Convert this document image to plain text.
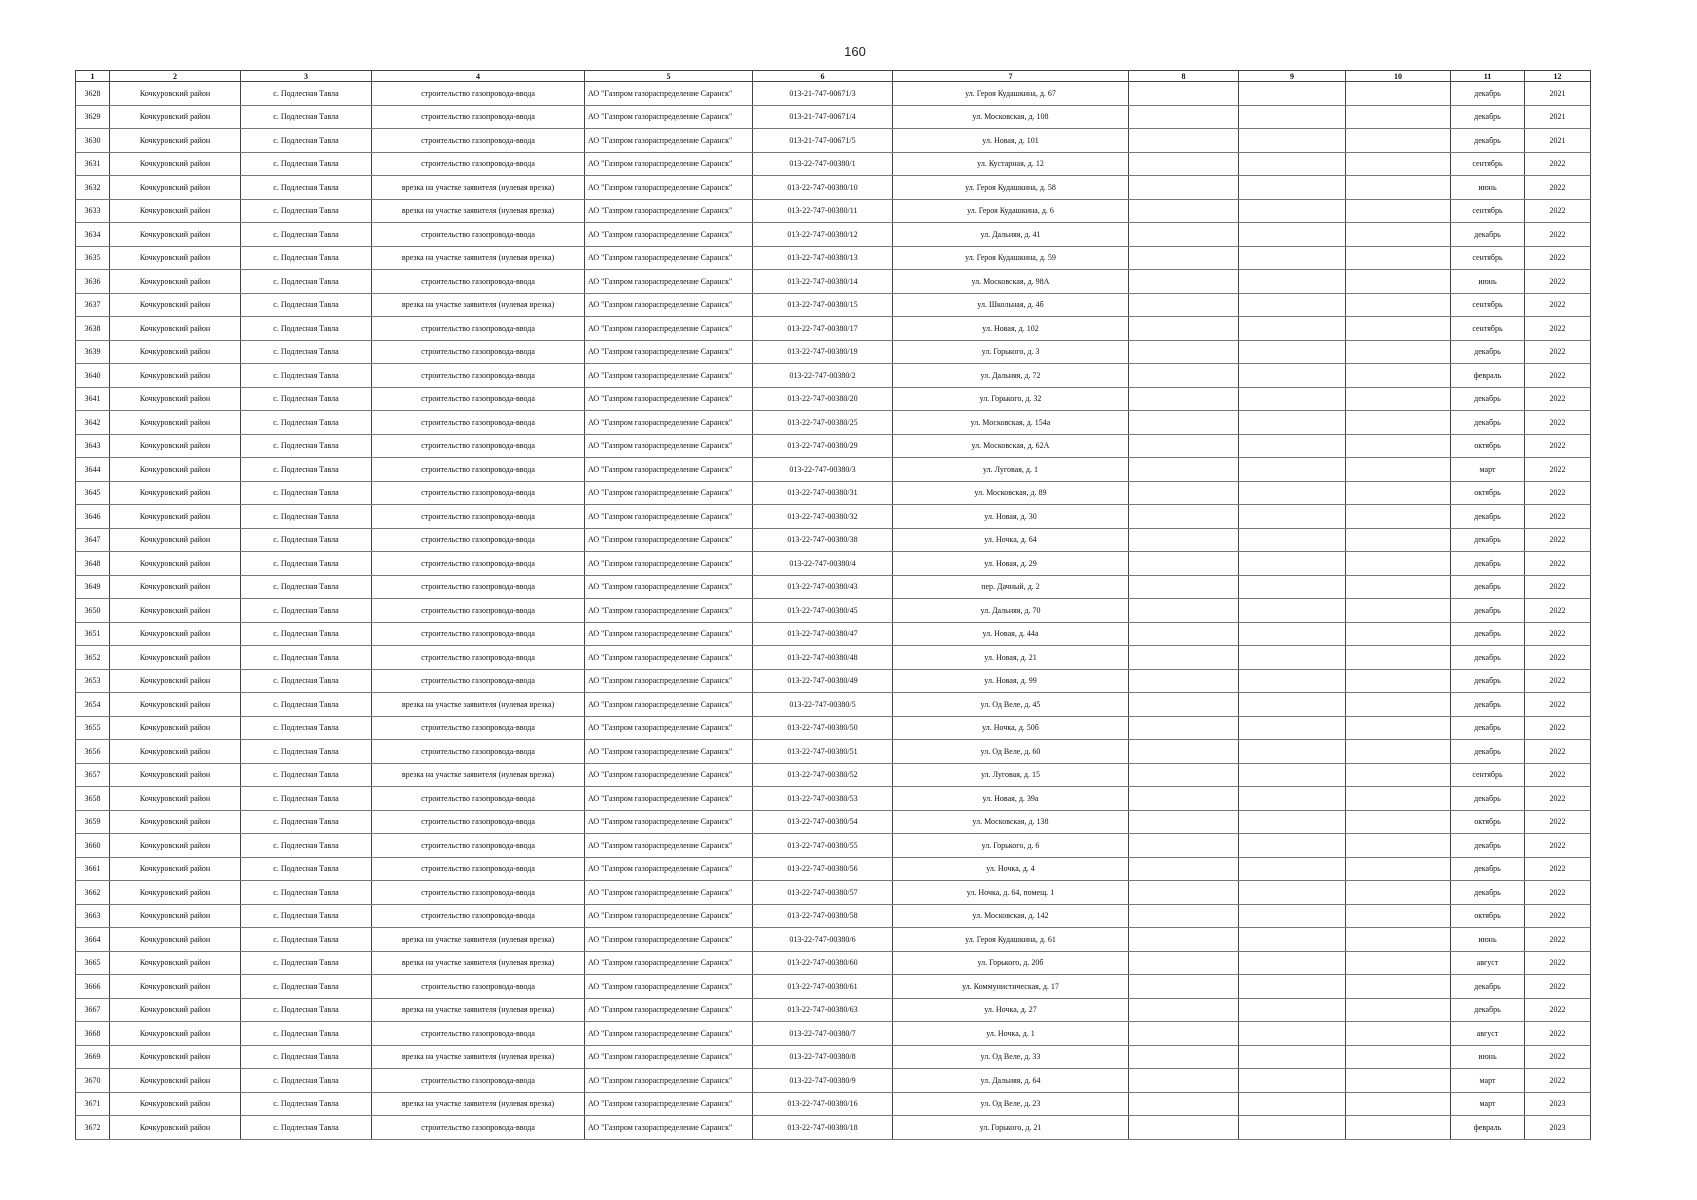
160
1	2	3	4	5	6	7	8	9	10	11	12
3628	Кочкуровский район	с. Подлесная Тавла	строительство газопровода-ввода	АО "Газпром газораспределение Саранск"	013-21-747-00671/3	ул. Героя Кудашкина, д. 67				декабрь	2021
3629	Кочкуровский район	с. Подлесная Тавла	строительство газопровода-ввода	АО "Газпром газораспределение Саранск"	013-21-747-00671/4	ул. Московская, д. 108				декабрь	2021
3630	Кочкуровский район	с. Подлесная Тавла	строительство газопровода-ввода	АО "Газпром газораспределение Саранск"	013-21-747-00671/5	ул. Новая, д. 101				декабрь	2021
3631	Кочкуровский район	с. Подлесная Тавла	строительство газопровода-ввода	АО "Газпром газораспределение Саранск"	013-22-747-00380/1	ул. Кустарная, д. 12				сентябрь	2022
3632	Кочкуровский район	с. Подлесная Тавла	врезка на участке заявителя (нулевая врезка)	АО "Газпром газораспределение Саранск"	013-22-747-00380/10	ул. Героя Кудашкина, д. 58				июнь	2022
3633	Кочкуровский район	с. Подлесная Тавла	врезка на участке заявителя (нулевая врезка)	АО "Газпром газораспределение Саранск"	013-22-747-00380/11	ул. Героя Кудашкина, д. 6				сентябрь	2022
3634	Кочкуровский район	с. Подлесная Тавла	строительство газопровода-ввода	АО "Газпром газораспределение Саранск"	013-22-747-00380/12	ул. Дальняя, д. 41				декабрь	2022
3635	Кочкуровский район	с. Подлесная Тавла	врезка на участке заявителя (нулевая врезка)	АО "Газпром газораспределение Саранск"	013-22-747-00380/13	ул. Героя Кудашкина, д. 59				сентябрь	2022
3636	Кочкуровский район	с. Подлесная Тавла	строительство газопровода-ввода	АО "Газпром газораспределение Саранск"	013-22-747-00380/14	ул. Московская, д. 98А				июнь	2022
3637	Кочкуровский район	с. Подлесная Тавла	врезка на участке заявителя (нулевая врезка)	АО "Газпром газораспределение Саранск"	013-22-747-00380/15	ул. Школьная, д. 4б				сентябрь	2022
3638	Кочкуровский район	с. Подлесная Тавла	строительство газопровода-ввода	АО "Газпром газораспределение Саранск"	013-22-747-00380/17	ул. Новая, д. 102				сентябрь	2022
3639	Кочкуровский район	с. Подлесная Тавла	строительство газопровода-ввода	АО "Газпром газораспределение Саранск"	013-22-747-00380/19	ул. Горького, д. 3				декабрь	2022
3640	Кочкуровский район	с. Подлесная Тавла	строительство газопровода-ввода	АО "Газпром газораспределение Саранск"	013-22-747-00380/2	ул. Дальняя, д. 72				февраль	2022
3641	Кочкуровский район	с. Подлесная Тавла	строительство газопровода-ввода	АО "Газпром газораспределение Саранск"	013-22-747-00380/20	ул. Горького, д. 32				декабрь	2022
3642	Кочкуровский район	с. Подлесная Тавла	строительство газопровода-ввода	АО "Газпром газораспределение Саранск"	013-22-747-00380/25	ул. Московская, д. 154а				декабрь	2022
3643	Кочкуровский район	с. Подлесная Тавла	строительство газопровода-ввода	АО "Газпром газораспределение Саранск"	013-22-747-00380/29	ул. Московская, д. 62А				октябрь	2022
3644	Кочкуровский район	с. Подлесная Тавла	строительство газопровода-ввода	АО "Газпром газораспределение Саранск"	013-22-747-00380/3	ул. Луговая, д. 1				март	2022
3645	Кочкуровский район	с. Подлесная Тавла	строительство газопровода-ввода	АО "Газпром газораспределение Саранск"	013-22-747-00380/31	ул. Московская, д. 89				октябрь	2022
3646	Кочкуровский район	с. Подлесная Тавла	строительство газопровода-ввода	АО "Газпром газораспределение Саранск"	013-22-747-00380/32	ул. Новая, д. 30				декабрь	2022
3647	Кочкуровский район	с. Подлесная Тавла	строительство газопровода-ввода	АО "Газпром газораспределение Саранск"	013-22-747-00380/38	ул. Ночка, д. 64				декабрь	2022
3648	Кочкуровский район	с. Подлесная Тавла	строительство газопровода-ввода	АО "Газпром газораспределение Саранск"	013-22-747-00380/4	ул. Новая, д. 29				декабрь	2022
3649	Кочкуровский район	с. Подлесная Тавла	строительство газопровода-ввода	АО "Газпром газораспределение Саранск"	013-22-747-00380/43	пер. Дачный, д. 2				декабрь	2022
3650	Кочкуровский район	с. Подлесная Тавла	строительство газопровода-ввода	АО "Газпром газораспределение Саранск"	013-22-747-00380/45	ул. Дальняя, д. 70				декабрь	2022
3651	Кочкуровский район	с. Подлесная Тавла	строительство газопровода-ввода	АО "Газпром газораспределение Саранск"	013-22-747-00380/47	ул. Новая, д. 44а				декабрь	2022
3652	Кочкуровский район	с. Подлесная Тавла	строительство газопровода-ввода	АО "Газпром газораспределение Саранск"	013-22-747-00380/48	ул. Новая, д. 21				декабрь	2022
3653	Кочкуровский район	с. Подлесная Тавла	строительство газопровода-ввода	АО "Газпром газораспределение Саранск"	013-22-747-00380/49	ул. Новая, д. 99				декабрь	2022
3654	Кочкуровский район	с. Подлесная Тавла	врезка на участке заявителя (нулевая врезка)	АО "Газпром газораспределение Саранск"	013-22-747-00380/5	ул. Од Веле, д. 45				декабрь	2022
3655	Кочкуровский район	с. Подлесная Тавла	строительство газопровода-ввода	АО "Газпром газораспределение Саранск"	013-22-747-00380/50	ул. Ночка, д. 50б				декабрь	2022
3656	Кочкуровский район	с. Подлесная Тавла	строительство газопровода-ввода	АО "Газпром газораспределение Саранск"	013-22-747-00380/51	ул. Од Веле, д. 60				декабрь	2022
3657	Кочкуровский район	с. Подлесная Тавла	врезка на участке заявителя (нулевая врезка)	АО "Газпром газораспределение Саранск"	013-22-747-00380/52	ул. Луговая, д. 15				сентябрь	2022
3658	Кочкуровский район	с. Подлесная Тавла	строительство газопровода-ввода	АО "Газпром газораспределение Саранск"	013-22-747-00380/53	ул. Новая, д. 39а				декабрь	2022
3659	Кочкуровский район	с. Подлесная Тавла	строительство газопровода-ввода	АО "Газпром газораспределение Саранск"	013-22-747-00380/54	ул. Московская, д. 138				октябрь	2022
3660	Кочкуровский район	с. Подлесная Тавла	строительство газопровода-ввода	АО "Газпром газораспределение Саранск"	013-22-747-00380/55	ул. Горького, д. 6				декабрь	2022
3661	Кочкуровский район	с. Подлесная Тавла	строительство газопровода-ввода	АО "Газпром газораспределение Саранск"	013-22-747-00380/56	ул. Ночка, д. 4				декабрь	2022
3662	Кочкуровский район	с. Подлесная Тавла	строительство газопровода-ввода	АО "Газпром газораспределение Саранск"	013-22-747-00380/57	ул. Ночка, д. 64, помещ. 1				декабрь	2022
3663	Кочкуровский район	с. Подлесная Тавла	строительство газопровода-ввода	АО "Газпром газораспределение Саранск"	013-22-747-00380/58	ул. Московская, д. 142				октябрь	2022
3664	Кочкуровский район	с. Подлесная Тавла	врезка на участке заявителя (нулевая врезка)	АО "Газпром газораспределение Саранск"	013-22-747-00380/6	ул. Героя Кудашкина, д. 61				июнь	2022
3665	Кочкуровский район	с. Подлесная Тавла	врезка на участке заявителя (нулевая врезка)	АО "Газпром газораспределение Саранск"	013-22-747-00380/60	ул. Горького, д. 20б				август	2022
3666	Кочкуровский район	с. Подлесная Тавла	строительство газопровода-ввода	АО "Газпром газораспределение Саранск"	013-22-747-00380/61	ул. Коммунистическая, д. 17				декабрь	2022
3667	Кочкуровский район	с. Подлесная Тавла	врезка на участке заявителя (нулевая врезка)	АО "Газпром газораспределение Саранск"	013-22-747-00380/63	ул. Ночка, д. 27				декабрь	2022
3668	Кочкуровский район	с. Подлесная Тавла	строительство газопровода-ввода	АО "Газпром газораспределение Саранск"	013-22-747-00380/7	ул. Ночка, д. 1				август	2022
3669	Кочкуровский район	с. Подлесная Тавла	врезка на участке заявителя (нулевая врезка)	АО "Газпром газораспределение Саранск"	013-22-747-00380/8	ул. Од Веле, д. 33				июнь	2022
3670	Кочкуровский район	с. Подлесная Тавла	строительство газопровода-ввода	АО "Газпром газораспределение Саранск"	013-22-747-00380/9	ул. Дальняя, д. 64				март	2022
3671	Кочкуровский район	с. Подлесная Тавла	врезка на участке заявителя (нулевая врезка)	АО "Газпром газораспределение Саранск"	013-22-747-00380/16	ул. Од Веле, д. 23				март	2023
3672	Кочкуровский район	с. Подлесная Тавла	строительство газопровода-ввода	АО "Газпром газораспределение Саранск"	013-22-747-00380/18	ул. Горького, д. 21				февраль	2023
